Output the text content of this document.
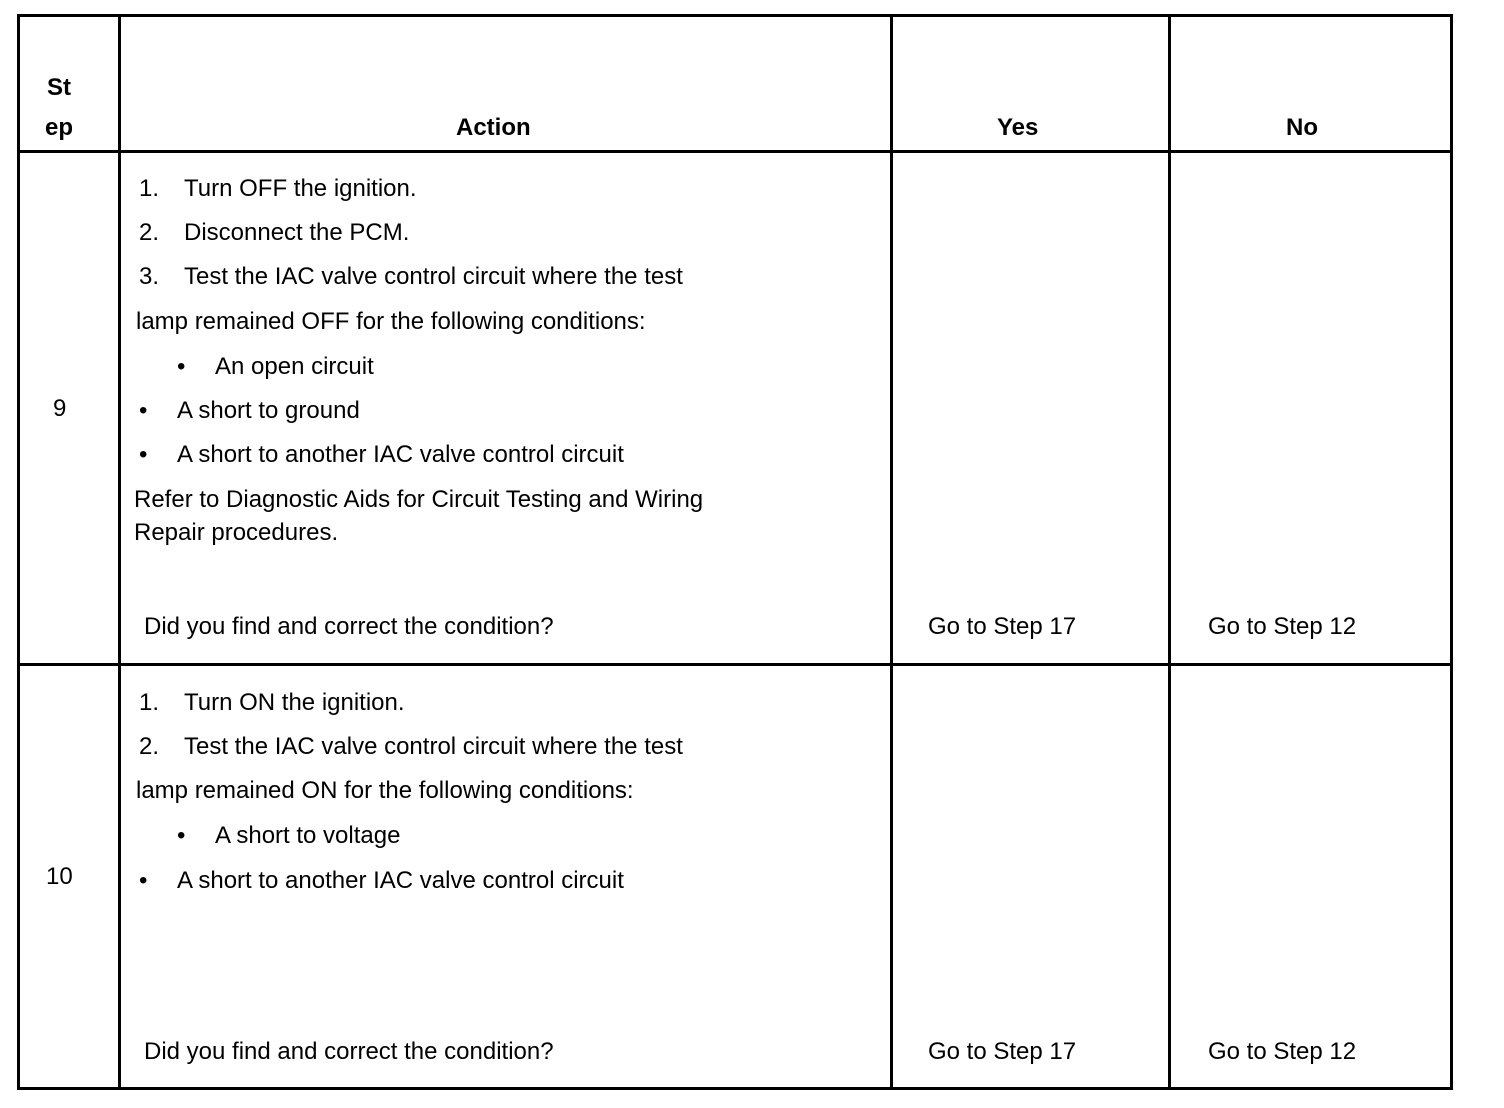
St
ep	Action	Yes	No
9
1. Turn OFF the ignition.
2. Disconnect the PCM.
3. Test the IAC valve control circuit where the test
lamp remained OFF for the following conditions:
• An open circuit
• A short to ground
• A short to another IAC valve control circuit
Refer to Diagnostic Aids for Circuit Testing and Wiring
Repair procedures.
Did you find and correct the condition?	Go to Step 17	Go to Step 12
10
1. Turn ON the ignition.
2. Test the IAC valve control circuit where the test
lamp remained ON for the following conditions:
• A short to voltage
• A short to another IAC valve control circuit
Did you find and correct the condition?	Go to Step 17	Go to Step 12
